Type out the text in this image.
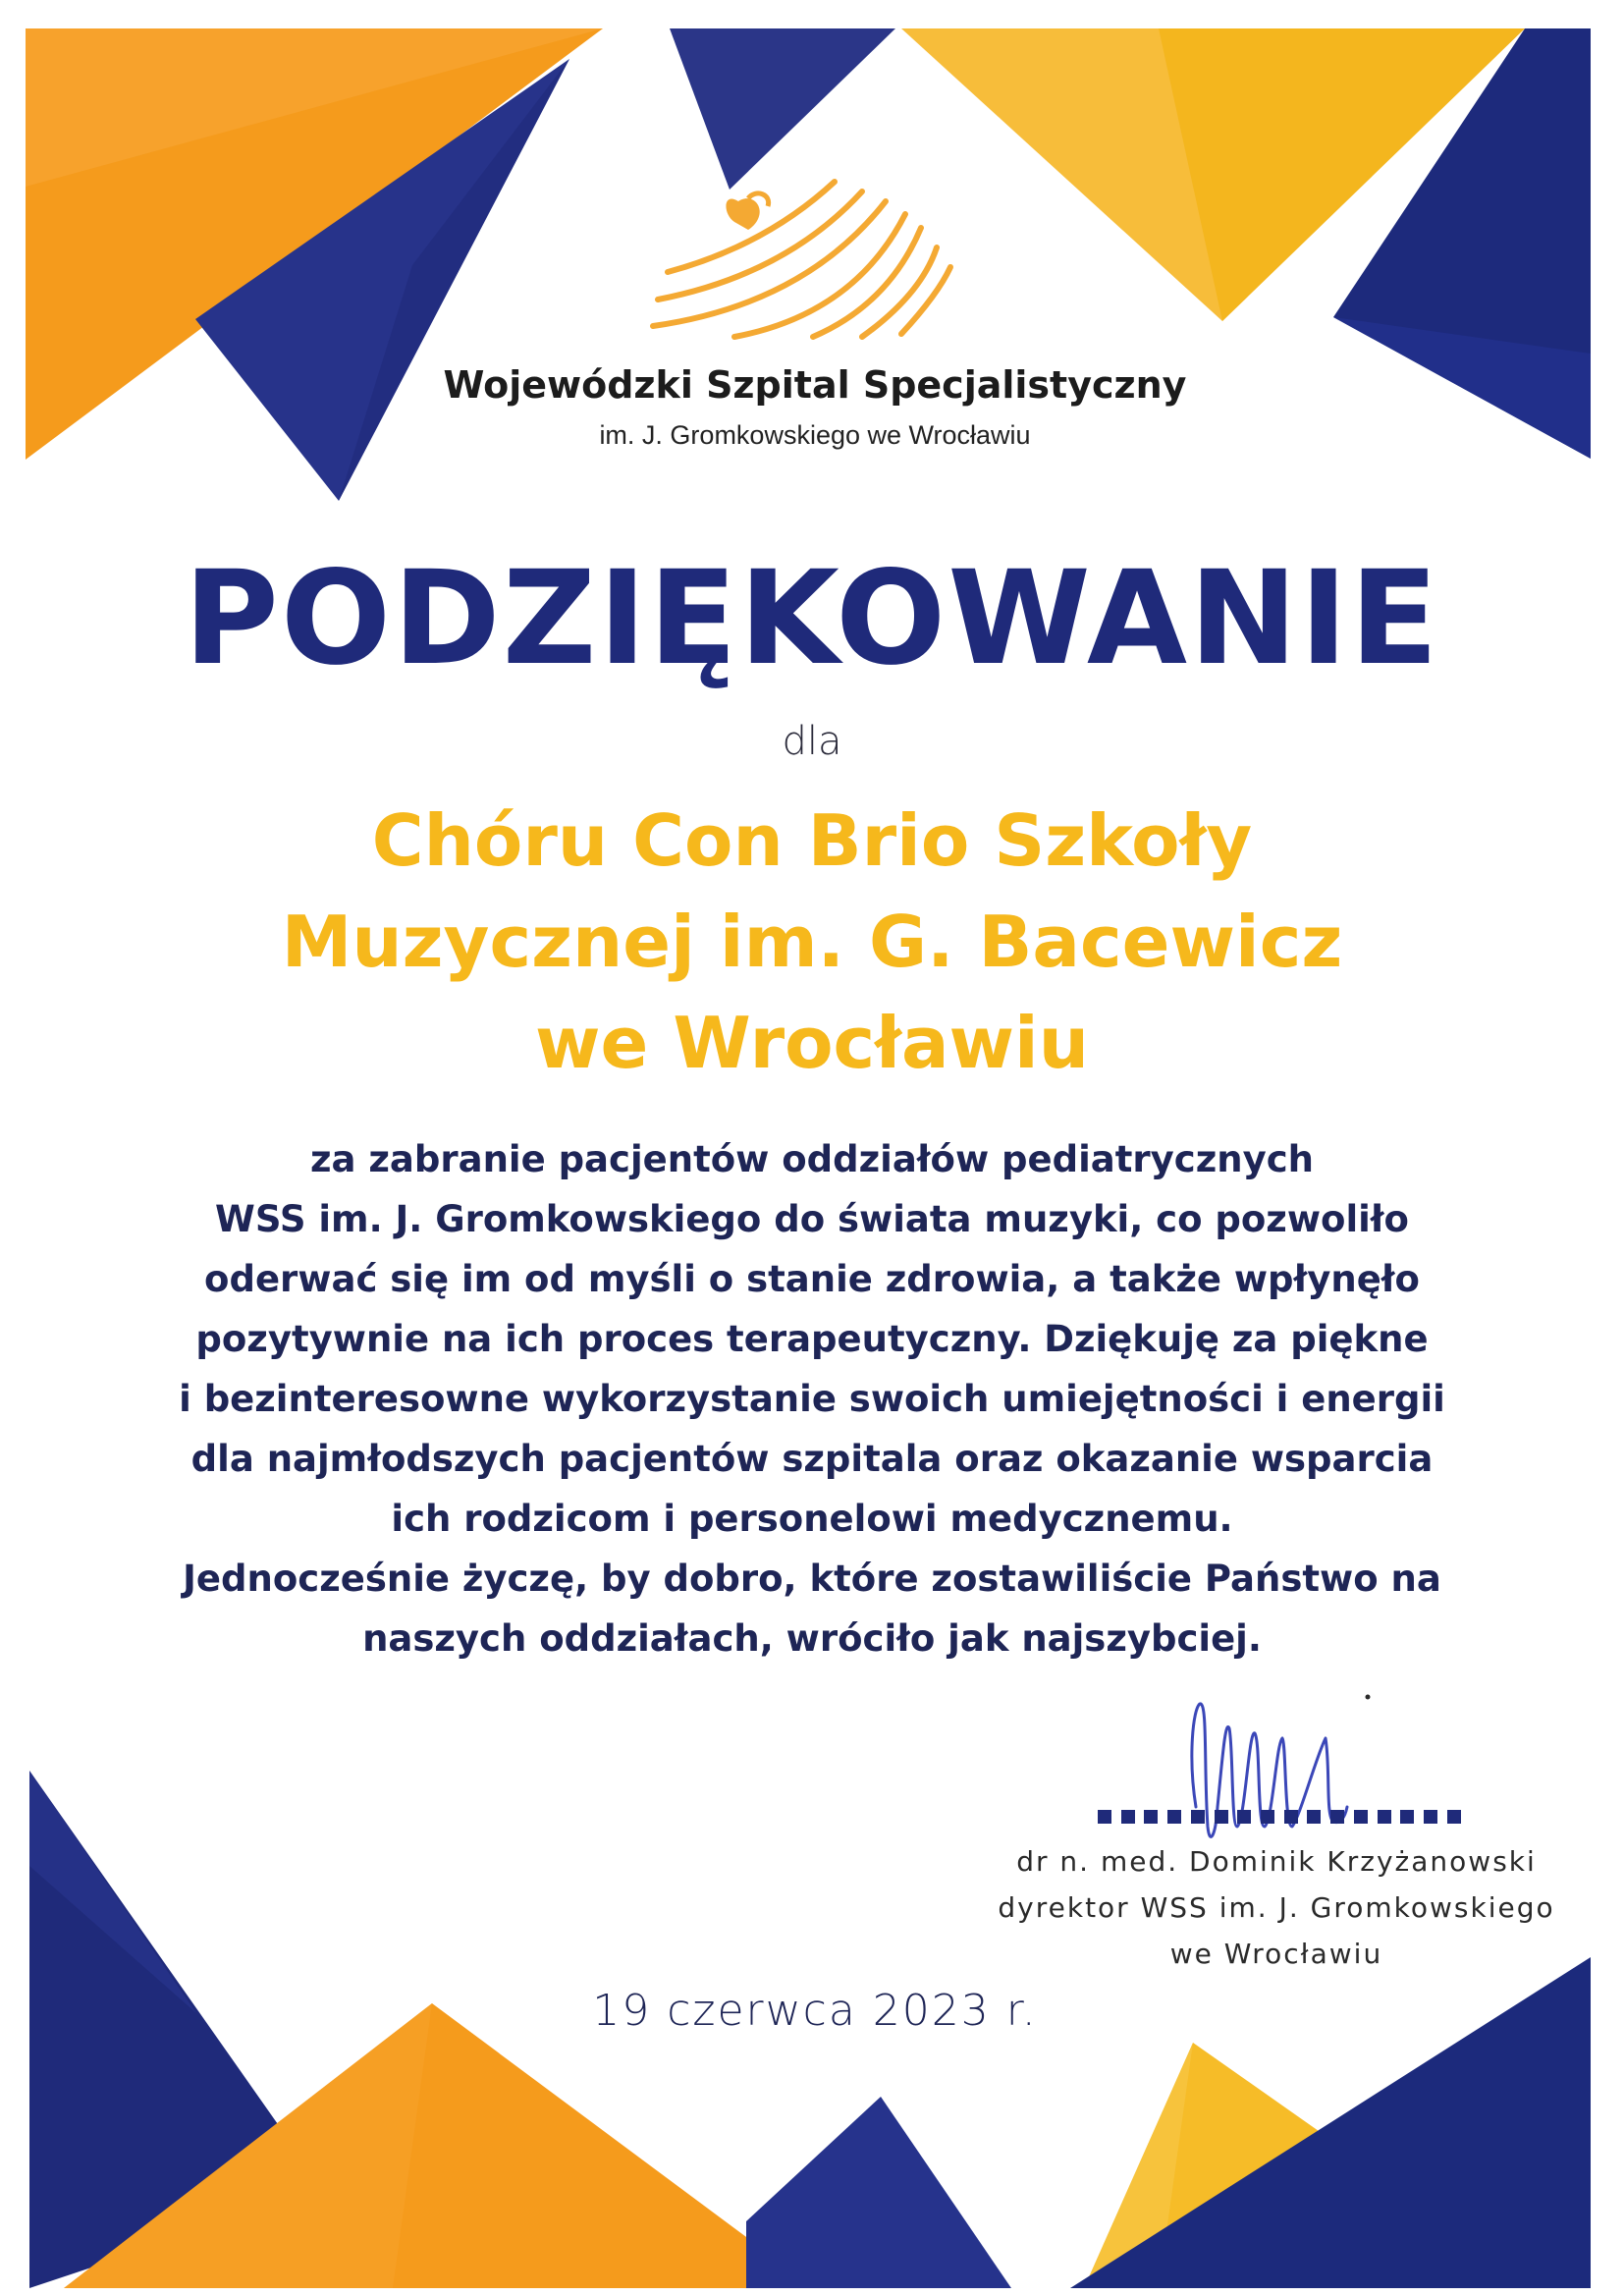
Wojewódzki Szpital Specjalistyczny
im. J. Gromkowskiego we Wrocławiu
PODZIĘKOWANIE
dla
Chóru Con Brio Szkoły
Muzycznej im. G. Bacewicz
we Wrocławiu
za zabranie pacjentów oddziałów pediatrycznych
WSS im. J. Gromkowskiego do świata muzyki, co pozwoliło
oderwać się im od myśli o stanie zdrowia, a także wpłynęło
pozytywnie na ich proces terapeutyczny. Dziękuję za piękne
i bezinteresowne wykorzystanie swoich umiejętności i energii
dla najmłodszych pacjentów szpitala oraz okazanie wsparcia
ich rodzicom i personelowi medycznemu.
Jednocześnie życzę, by dobro, które zostawiliście Państwo na
naszych oddziałach, wróciło jak najszybciej.
dr n. med. Dominik Krzyżanowski
dyrektor WSS im. J. Gromkowskiego
we Wrocławiu
19 czerwca 2023 r.
